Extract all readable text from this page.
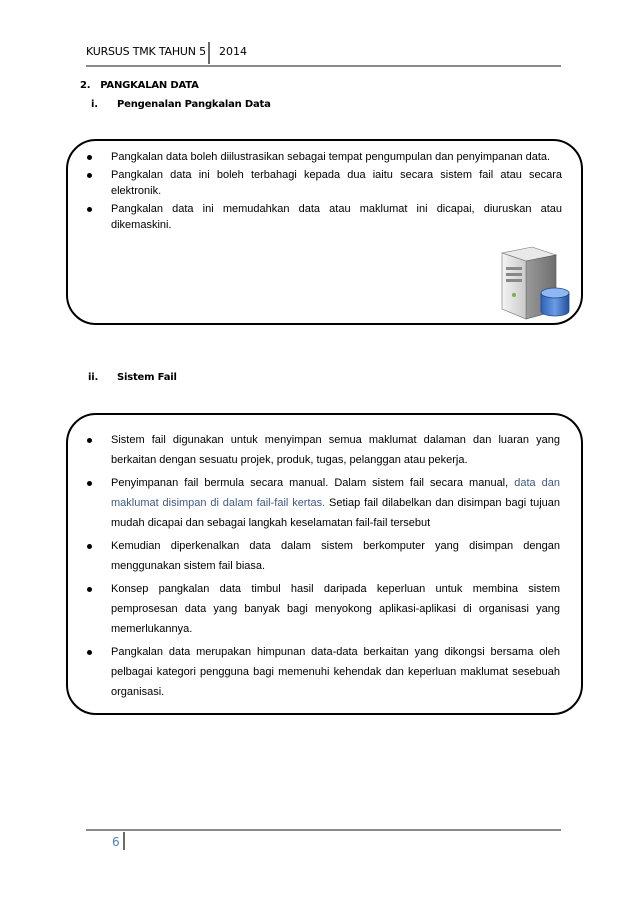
KURSUS TMK TAHUN 5 2014
2.   PANGKALAN DATA
i. Pengenalan Pangkalan Data
Pangkalan data boleh diilustrasikan sebagai tempat pengumpulan dan penyimpanan data.
Pangkalan data ini boleh terbahagi kepada dua iaitu secara sistem fail atau secara elektronik.
Pangkalan data ini memudahkan data atau maklumat ini dicapai, diuruskan atau dikemaskini.
ii. Sistem Fail
Sistem fail digunakan untuk menyimpan semua maklumat dalaman dan luaran yang berkaitan dengan sesuatu projek, produk, tugas, pelanggan atau pekerja.
Penyimpanan fail bermula secara manual. Dalam sistem fail secara manual, data dan maklumat disimpan di dalam fail-fail kertas. Setiap fail dilabelkan dan disimpan bagi tujuan mudah dicapai dan sebagai langkah keselamatan fail-fail tersebut
Kemudian diperkenalkan data dalam sistem berkomputer yang disimpan dengan menggunakan sistem fail biasa.
Konsep pangkalan data timbul hasil daripada keperluan untuk membina sistem pemprosesan data yang banyak bagi menyokong aplikasi-aplikasi di organisasi yang memerlukannya.
Pangkalan data merupakan himpunan data-data berkaitan yang dikongsi bersama oleh pelbagai kategori pengguna bagi memenuhi kehendak dan keperluan maklumat sesebuah organisasi.
6
